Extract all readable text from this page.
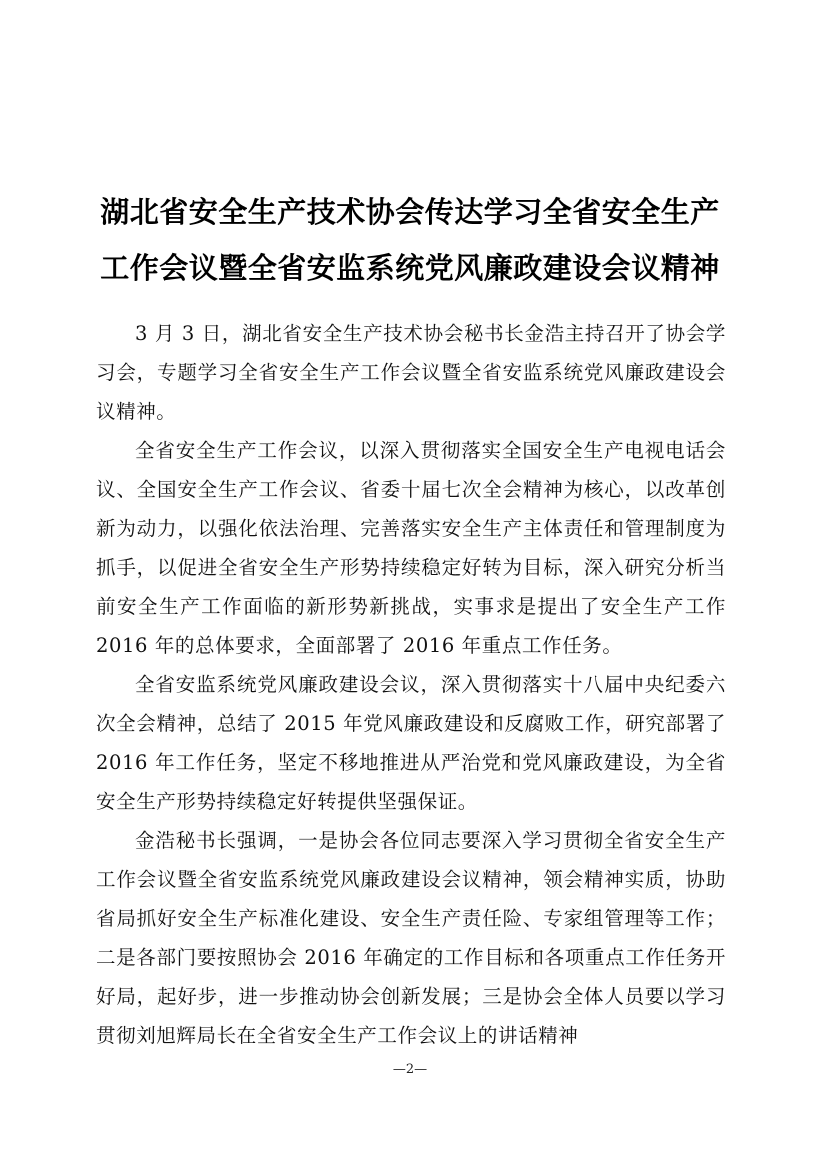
湖北省安全生产技术协会传达学习全省安全生产
工作会议暨全省安监系统党风廉政建设会议精神

3 月 3 日，湖北省安全生产技术协会秘书长金浩主持召开了协会学习会，专题学习全省安全生产工作会议暨全省安监系统党风廉政建设会议精神。

全省安全生产工作会议，以深入贯彻落实全国安全生产电视电话会议、全国安全生产工作会议、省委十届七次全会精神为核心，以改革创新为动力，以强化依法治理、完善落实安全生产主体责任和管理制度为抓手，以促进全省安全生产形势持续稳定好转为目标，深入研究分析当前安全生产工作面临的新形势新挑战，实事求是提出了安全生产工作 2016 年的总体要求，全面部署了 2016 年重点工作任务。

全省安监系统党风廉政建设会议，深入贯彻落实十八届中央纪委六次全会精神，总结了 2015 年党风廉政建设和反腐败工作，研究部署了 2016 年工作任务，坚定不移地推进从严治党和党风廉政建设，为全省安全生产形势持续稳定好转提供坚强保证。

金浩秘书长强调，一是协会各位同志要深入学习贯彻全省安全生产工作会议暨全省安监系统党风廉政建设会议精神，领会精神实质，协助省局抓好安全生产标准化建设、安全生产责任险、专家组管理等工作；二是各部门要按照协会 2016 年确定的工作目标和各项重点工作任务开好局，起好步，进一步推动协会创新发展；三是协会全体人员要以学习贯彻刘旭辉局长在全省安全生产工作会议上的讲话精神

—2—
